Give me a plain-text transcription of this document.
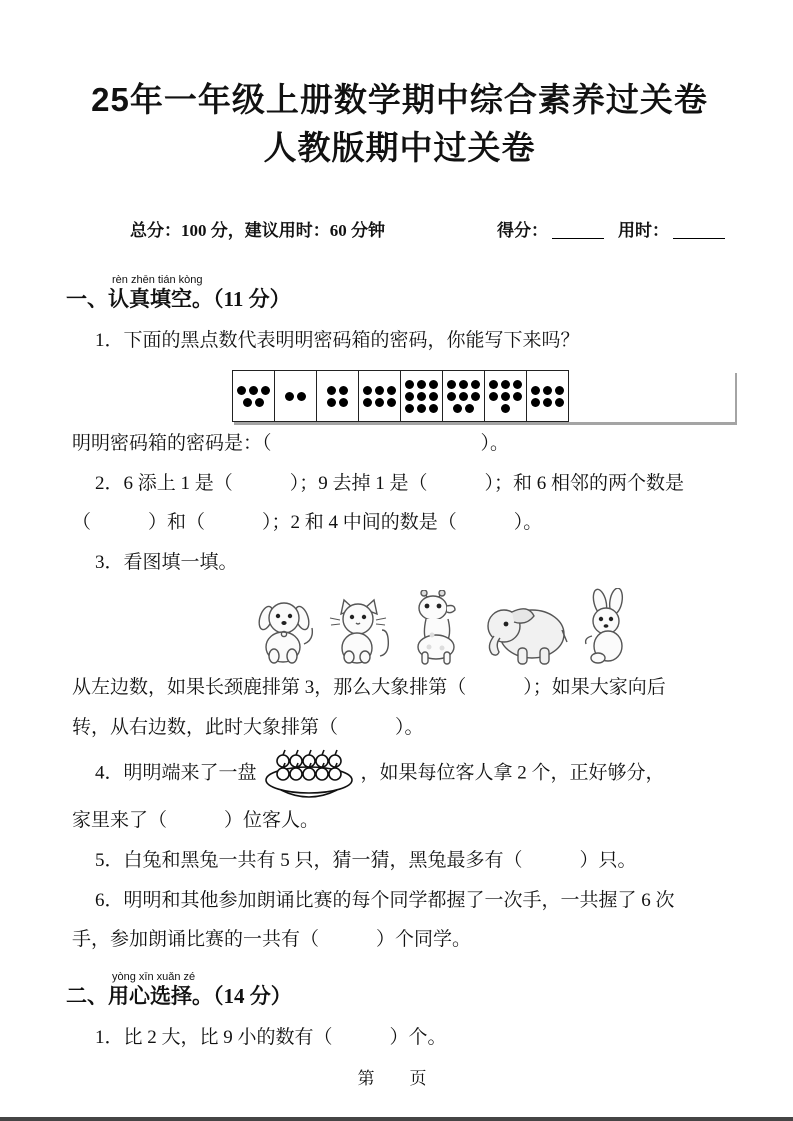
25年一年级上册数学期中综合素养过关卷
人教版期中过关卷
总分：100 分，建议用时：60 分钟	得分：	用时：
rèn zhēn tián kòng
一、认真填空。（11 分）

1．下面的黑点数代表明明密码箱的密码，你能写下来吗？

明明密码箱的密码是：（　　　　　　　　　　　）。

2．6 添上 1 是（　　　）；9 去掉 1 是（　　　）；和 6 相邻的两个数是

（　　　）和（　　　）；2 和 4 中间的数是（　　　）。

3．看图填一填。

从左边数，如果长颈鹿排第 3，那么大象排第（　　　）；如果大家向后

转，从右边数，此时大象排第（　　　）。

4．明明端来了一盘	，如果每位客人拿 2 个，正好够分，

家里来了（　　　）位客人。

5．白兔和黑兔一共有 5 只，猜一猜，黑兔最多有（　　　）只。

6．明明和其他参加朗诵比赛的每个同学都握了一次手，一共握了 6 次

手，参加朗诵比赛的一共有（　　　）个同学。

yòng xīn xuǎn zé
二、用心选择。（14 分）

1．比 2 大，比 9 小的数有（　　　）个。

第　页
